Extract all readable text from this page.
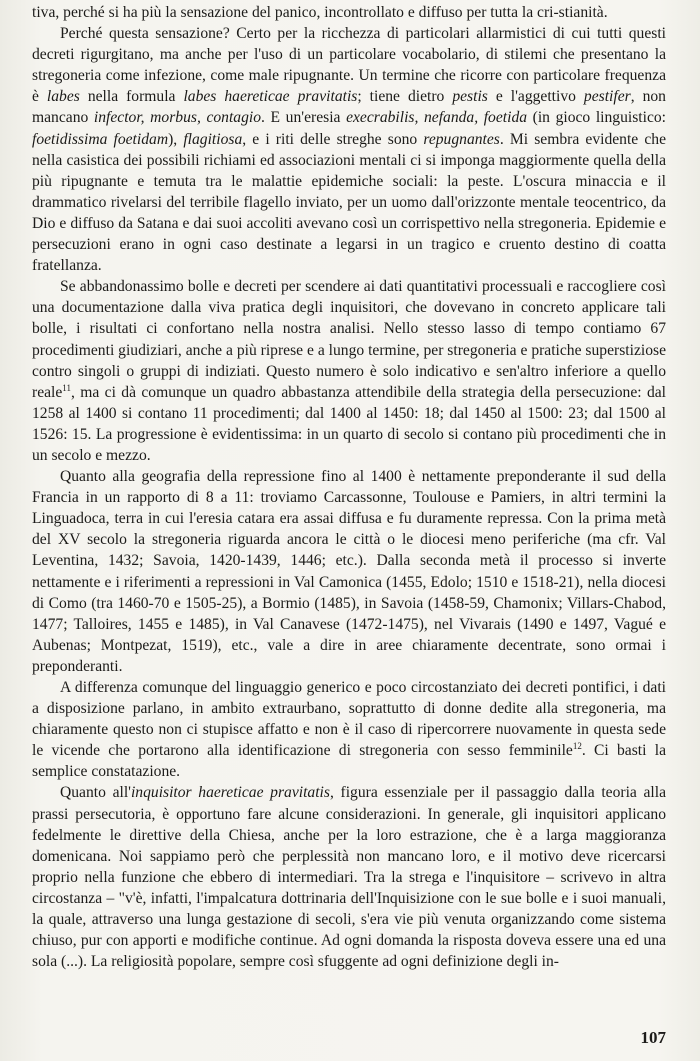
tiva, perché si ha più la sensazione del panico, incontrollato e diffuso per tutta la cri-stianità.

Perché questa sensazione? Certo per la ricchezza di particolari allarmistici di cui tutti questi decreti rigurgitano, ma anche per l'uso di un particolare vocabolario, di stilemi che presentano la stregoneria come infezione, come male ripugnante. Un termine che ricorre con particolare frequenza è labes nella formula labes haereticae pravitatis; tiene dietro pestis e l'aggettivo pestifer, non mancano infector, morbus, contagio. E un'eresia execrabilis, nefanda, foetida (in gioco linguistico: foetidissima foetidam), flagitiosa, e i riti delle streghe sono repugnantes. Mi sembra evidente che nella casistica dei possibili richiami ed associazioni mentali ci si imponga maggiormente quella della più ripugnante e temuta tra le malattie epidemiche sociali: la peste. L'oscura minaccia e il drammatico rivelarsi del terribile flagello inviato, per un uomo dall'orizzonte mentale teocentrico, da Dio e diffuso da Satana e dai suoi accoliti avevano così un corrispettivo nella stregoneria. Epidemie e persecuzioni erano in ogni caso destinate a legarsi in un tragico e cruento destino di coatta fratellanza.

Se abbandonassimo bolle e decreti per scendere ai dati quantitativi processuali e raccogliere così una documentazione dalla viva pratica degli inquisitori, che dovevano in concreto applicare tali bolle, i risultati ci confortano nella nostra analisi. Nello stesso lasso di tempo contiamo 67 procedimenti giudiziari, anche a più riprese e a lungo termine, per stregoneria e pratiche superstiziose contro singoli o gruppi di indiziati. Questo numero è solo indicativo e sen'altro inferiore a quello reale$^{11}$, ma ci dà comunque un quadro abbastanza attendibile della strategia della persecuzione: dal 1258 al 1400 si contano 11 procedimenti; dal 1400 al 1450: 18; dal 1450 al 1500: 23; dal 1500 al 1526: 15. La progressione è evidentissima: in un quarto di secolo si contano più procedimenti che in un secolo e mezzo.

Quanto alla geografia della repressione fino al 1400 è nettamente preponderante il sud della Francia in un rapporto di 8 a 11: troviamo Carcassonne, Toulouse e Pamiers, in altri termini la Linguadoca, terra in cui l'eresia catara era assai diffusa e fu duramente repressa. Con la prima metà del XV secolo la stregoneria riguarda ancora le città o le diocesi meno periferiche (ma cfr. Val Leventina, 1432; Savoia, 1420-1439, 1446; etc.). Dalla seconda metà il processo si inverte nettamente e i riferimenti a repressioni in Val Camonica (1455, Edolo; 1510 e 1518-21), nella diocesi di Como (tra 1460-70 e 1505-25), a Bormio (1485), in Savoia (1458-59, Chamonix; Villars-Chabod, 1477; Talloires, 1455 e 1485), in Val Canavese (1472-1475), nel Vivarais (1490 e 1497, Vagué e Aubenas; Montpezat, 1519), etc., vale a dire in aree chiaramente decentrate, sono ormai i preponderanti.

A differenza comunque del linguaggio generico e poco circostanziato dei decreti pontifici, i dati a disposizione parlano, in ambito extraurbano, soprattutto di donne dedite alla stregoneria, ma chiaramente questo non ci stupisce affatto e non è il caso di ripercorrere nuovamente in questa sede le vicende che portarono alla identificazione di stregoneria con sesso femminile$^{12}$. Ci basti la semplice constatazione.

Quanto all'inquisitor haereticae pravitatis, figura essenziale per il passaggio dalla teoria alla prassi persecutoria, è opportuno fare alcune considerazioni. In generale, gli inquisitori applicano fedelmente le direttive della Chiesa, anche per la loro estrazione, che è a larga maggioranza domenicana. Noi sappiamo però che perplessità non mancano loro, e il motivo deve ricercarsi proprio nella funzione che ebbero di intermediari. Tra la strega e l'inquisitore – scrivevo in altra circostanza – "v'è, infatti, l'impalcatura dottrinaria dell'Inquisizione con le sue bolle e i suoi manuali, la quale, attraverso una lunga gestazione di secoli, s'era vie più venuta organizzando come sistema chiuso, pur con apporti e modifiche continue. Ad ogni domanda la risposta doveva essere una ed una sola (...). La religiosità popolare, sempre così sfuggente ad ogni definizione degli in-

107
